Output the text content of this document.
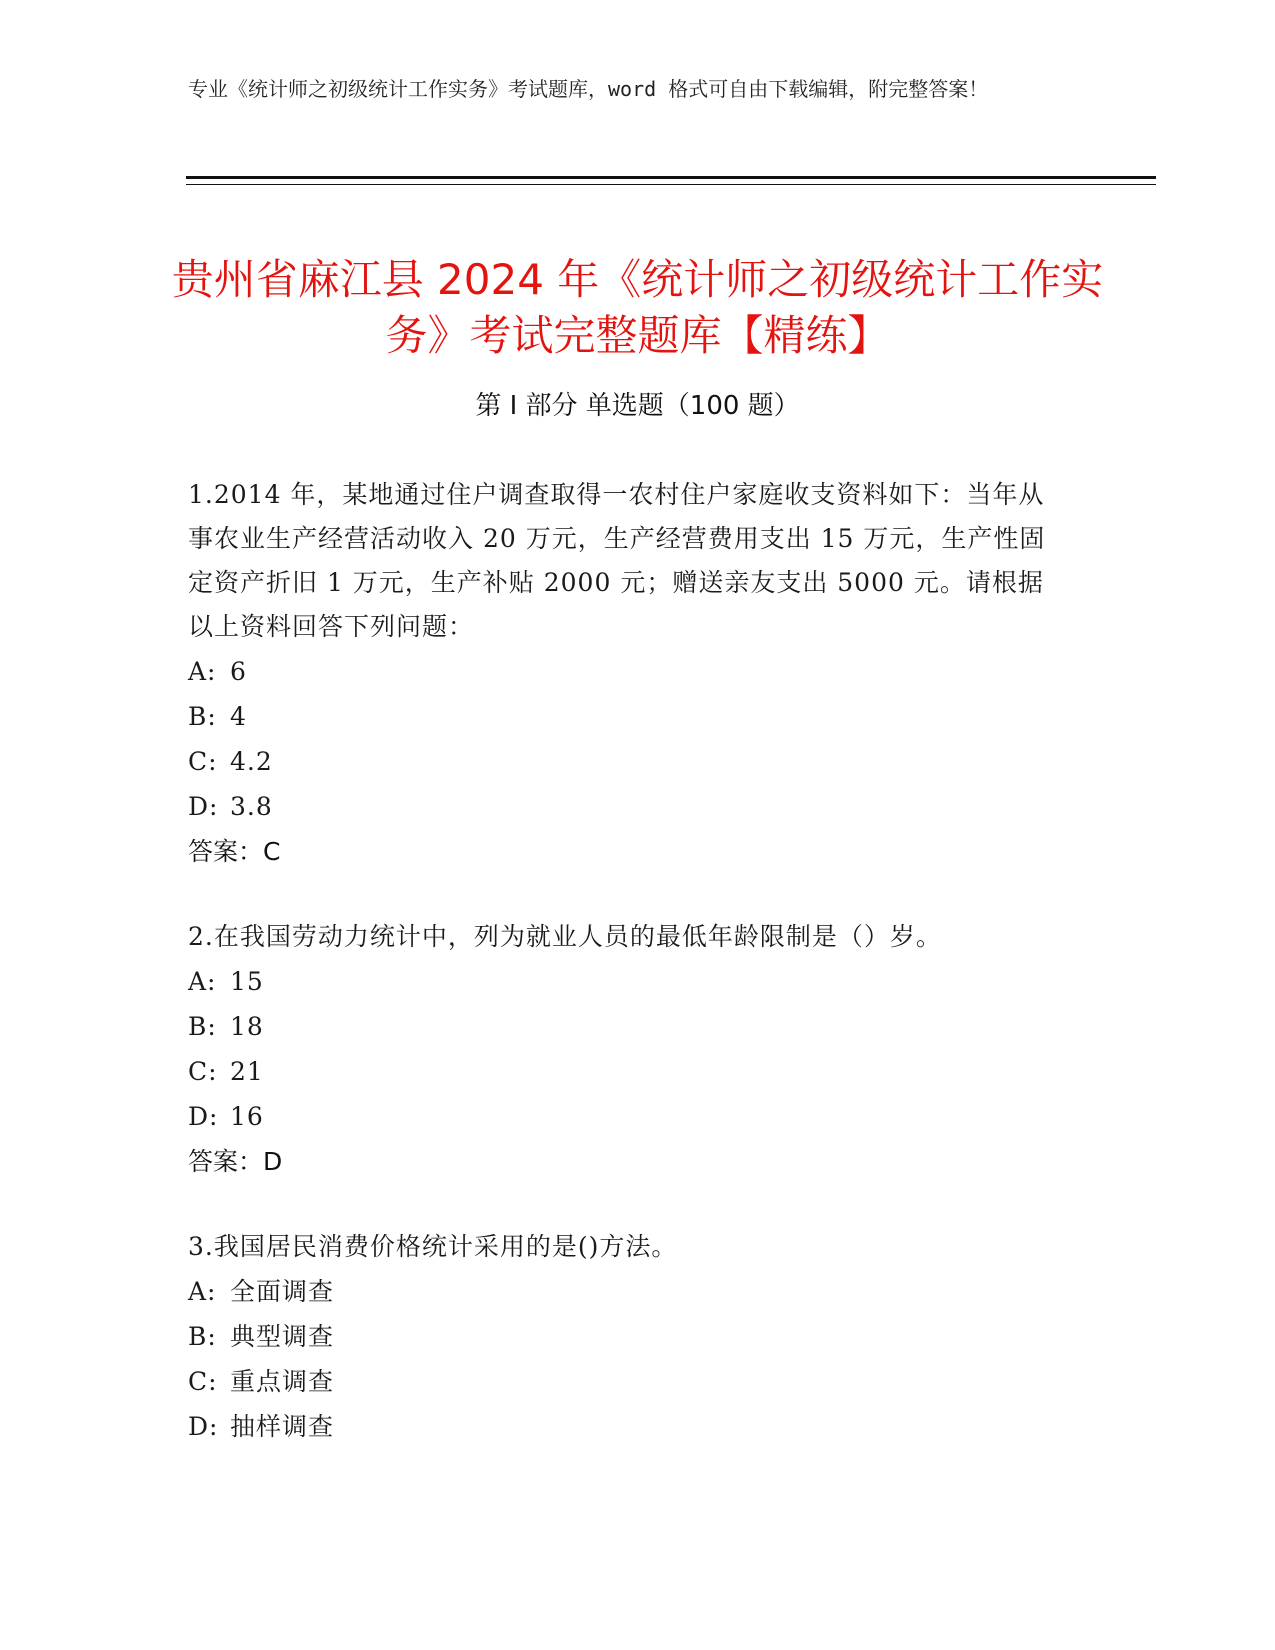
专业《统计师之初级统计工作实务》考试题库，word 格式可自由下载编辑，附完整答案！
贵州省麻江县 2024 年《统计师之初级统计工作实务》考试完整题库【精练】
第 I 部分 单选题（100 题）
1.2014 年，某地通过住户调查取得一农村住户家庭收支资料如下：当年从事农业生产经营活动收入 20 万元，生产经营费用支出 15 万元，生产性固定资产折旧 1 万元，生产补贴 2000 元；赠送亲友支出 5000 元。请根据以上资料回答下列问题：
A: 6
B: 4
C: 4.2
D: 3.8
答案：C
2.在我国劳动力统计中，列为就业人员的最低年龄限制是（）岁。
A: 15
B: 18
C: 21
D: 16
答案：D
3.我国居民消费价格统计采用的是()方法。
A: 全面调查
B: 典型调查
C: 重点调查
D: 抽样调查
